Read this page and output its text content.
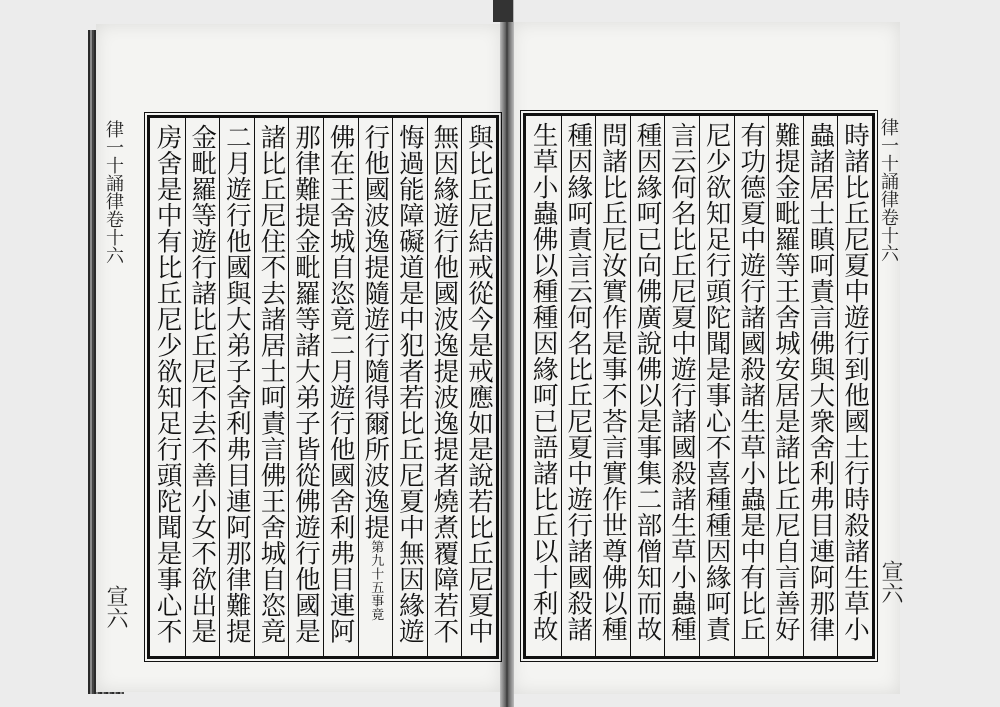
律一十誦律卷十六
宣六
律一十誦律卷十六
宣六
與比丘尼結戒從今是戒應如是說若比丘尼夏中
無因緣遊行他國波逸提波逸提者燒煮覆障若不
悔過能障礙道是中犯者若比丘尼夏中無因緣遊
行他國波逸提隨遊行隨得爾所波逸提第九十五事竟
佛在王舍城自恣竟二月遊行他國舍利弗目連阿
那律難提金毗羅等諸大弟子皆從佛遊行他國是
諸比丘尼住不去諸居士呵責言佛王舍城自恣竟
二月遊行他國與大弟子舍利弗目連阿那律難提
金毗羅等遊行諸比丘尼不去不善小女不欲出是
房舍是中有比丘尼少欲知足行頭陀聞是事心不	時諸比丘尼夏中遊行到他國土行時殺諸生草小
蟲諸居士瞋呵責言佛與大衆舍利弗目連阿那律
難提金毗羅等王舍城安居是諸比丘尼自言善好
有功德夏中遊行諸國殺諸生草小蟲是中有比丘
尼少欲知足行頭陀聞是事心不喜種種因緣呵責
言云何名比丘尼夏中遊行諸國殺諸生草小蟲種
種因緣呵已向佛廣說佛以是事集二部僧知而故
問諸比丘尼汝實作是事不荅言實作世尊佛以種
種因緣呵責言云何名比丘尼夏中遊行諸國殺諸
生草小蟲佛以種種因緣呵已語諸比丘以十利故
